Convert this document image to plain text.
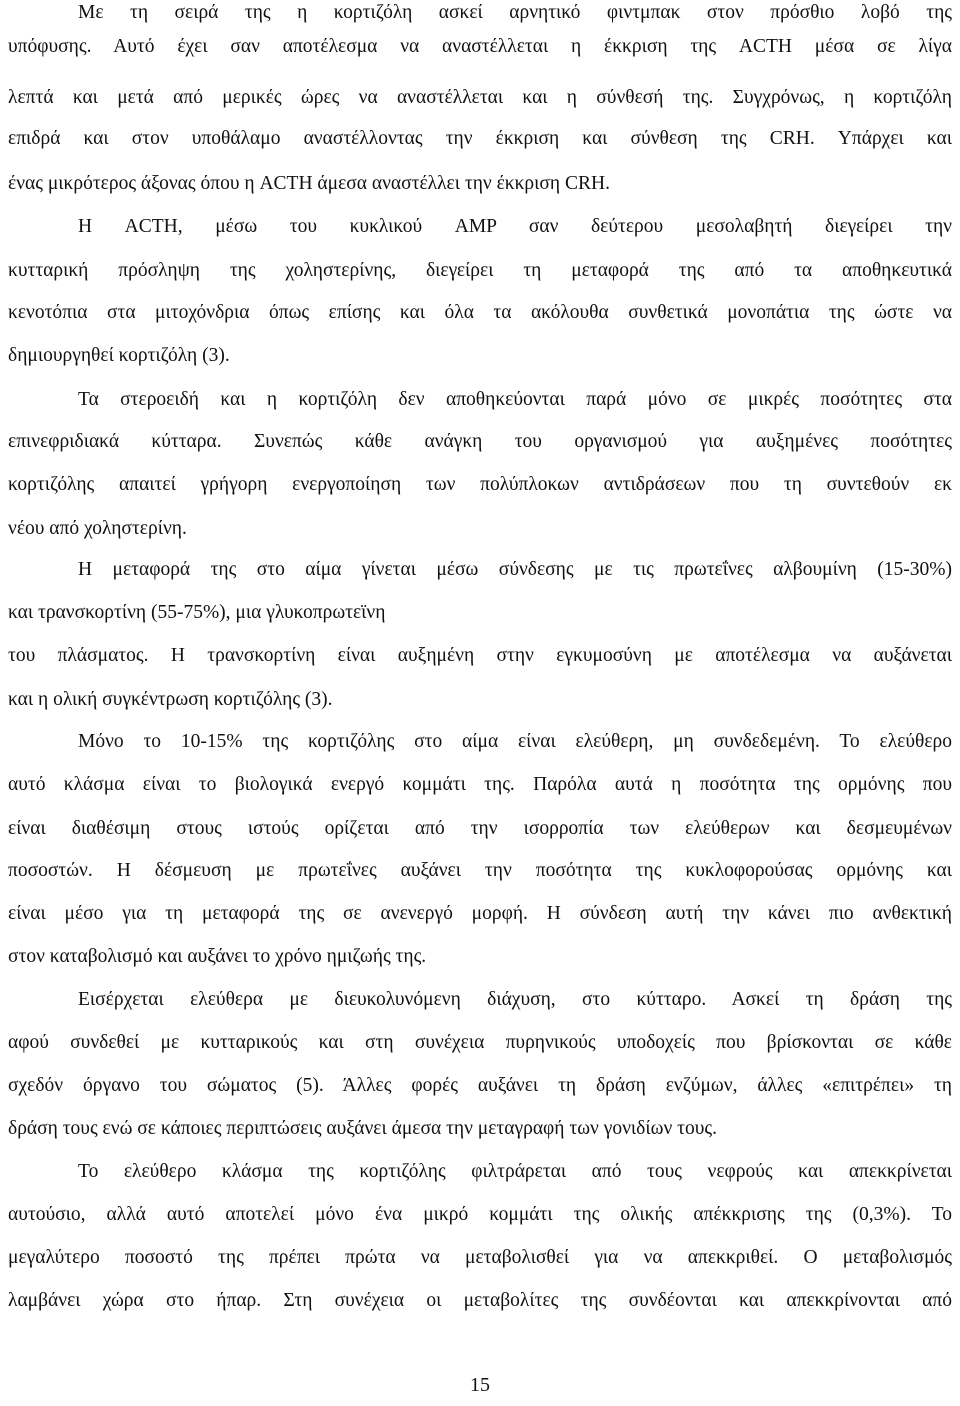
Με τη σειρά της η κορτιζόλη ασκεί αρνητικό φιντμπακ στον πρόσθιο λοβό της
υπόφυσης. Αυτό έχει σαν αποτέλεσμα να αναστέλλεται η έκκριση της ACTH μέσα σε λίγα
λεπτά και μετά από μερικές ώρες να αναστέλλεται και η σύνθεσή της. Συγχρόνως, η κορτιζόλη
επιδρά και στον υποθάλαμο αναστέλλοντας την έκκριση και σύνθεση της CRH. Υπάρχει και
ένας μικρότερος άξονας όπου η ACTH άμεσα αναστέλλει την έκκριση CRH.
Η ACTH, μέσω του κυκλικού AMP σαν δεύτερου μεσολαβητή διεγείρει την
κυτταρική πρόσληψη της χοληστερίνης, διεγείρει τη μεταφορά της από τα αποθηκευτικά
κενοτόπια στα μιτοχόνδρια όπως επίσης και όλα τα ακόλουθα συνθετικά μονοπάτια της ώστε να
δημιουργηθεί κορτιζόλη (3).
Τα στεροειδή και η κορτιζόλη δεν αποθηκεύονται παρά μόνο σε μικρές ποσότητες στα
επινεφριδιακά κύτταρα. Συνεπώς κάθε ανάγκη του οργανισμού για αυξημένες ποσότητες
κορτιζόλης απαιτεί γρήγορη ενεργοποίηση των πολύπλοκων αντιδράσεων που τη συντεθούν εκ
νέου από χοληστερίνη.
Η μεταφορά της στο αίμα γίνεται μέσω σύνδεσης με τις πρωτεΐνες αλβουμίνη (15-30%)
και τρανσκορτίνη (55-75%), μια γλυκοπρωτεϊνη
του πλάσματος. Η τρανσκορτίνη είναι αυξημένη στην εγκυμοσύνη με αποτέλεσμα να αυξάνεται
και η ολική συγκέντρωση κορτιζόλης (3).
Μόνο το 10-15% της κορτιζόλης στο αίμα είναι ελεύθερη, μη συνδεδεμένη. Το ελεύθερο
αυτό κλάσμα είναι το βιολογικά ενεργό κομμάτι της. Παρόλα αυτά η ποσότητα της ορμόνης που
είναι διαθέσιμη στους ιστούς ορίζεται από την ισορροπία των ελεύθερων και δεσμευμένων
ποσοστών. Η δέσμευση με πρωτεΐνες αυξάνει την ποσότητα της κυκλοφορούσας ορμόνης και
είναι μέσο για τη μεταφορά της σε ανενεργό μορφή. Η σύνδεση αυτή την κάνει πιο ανθεκτική
στον καταβολισμό και αυξάνει το χρόνο ημιζωής της.
Εισέρχεται ελεύθερα με διευκολυνόμενη διάχυση, στο κύτταρο. Ασκεί τη δράση της
αφού συνδεθεί με κυτταρικούς και στη συνέχεια πυρηνικούς υποδοχείς που βρίσκονται σε κάθε
σχεδόν όργανο του σώματος (5). Άλλες φορές αυξάνει τη δράση ενζύμων, άλλες «επιτρέπει» τη
δράση τους ενώ σε κάποιες περιπτώσεις αυξάνει άμεσα την μεταγραφή των γονιδίων τους.
Το ελεύθερο κλάσμα της κορτιζόλης φιλτράρεται από τους νεφρούς και απεκκρίνεται
αυτούσιο, αλλά αυτό αποτελεί μόνο ένα μικρό κομμάτι της ολικής απέκκρισης της (0,3%). Το
μεγαλύτερο ποσοστό της πρέπει πρώτα να μεταβολισθεί για να απεκκριθεί. Ο μεταβολισμός
λαμβάνει χώρα στο ήπαρ. Στη συνέχεια οι μεταβολίτες της συνδέονται και απεκκρίνονται από
15
